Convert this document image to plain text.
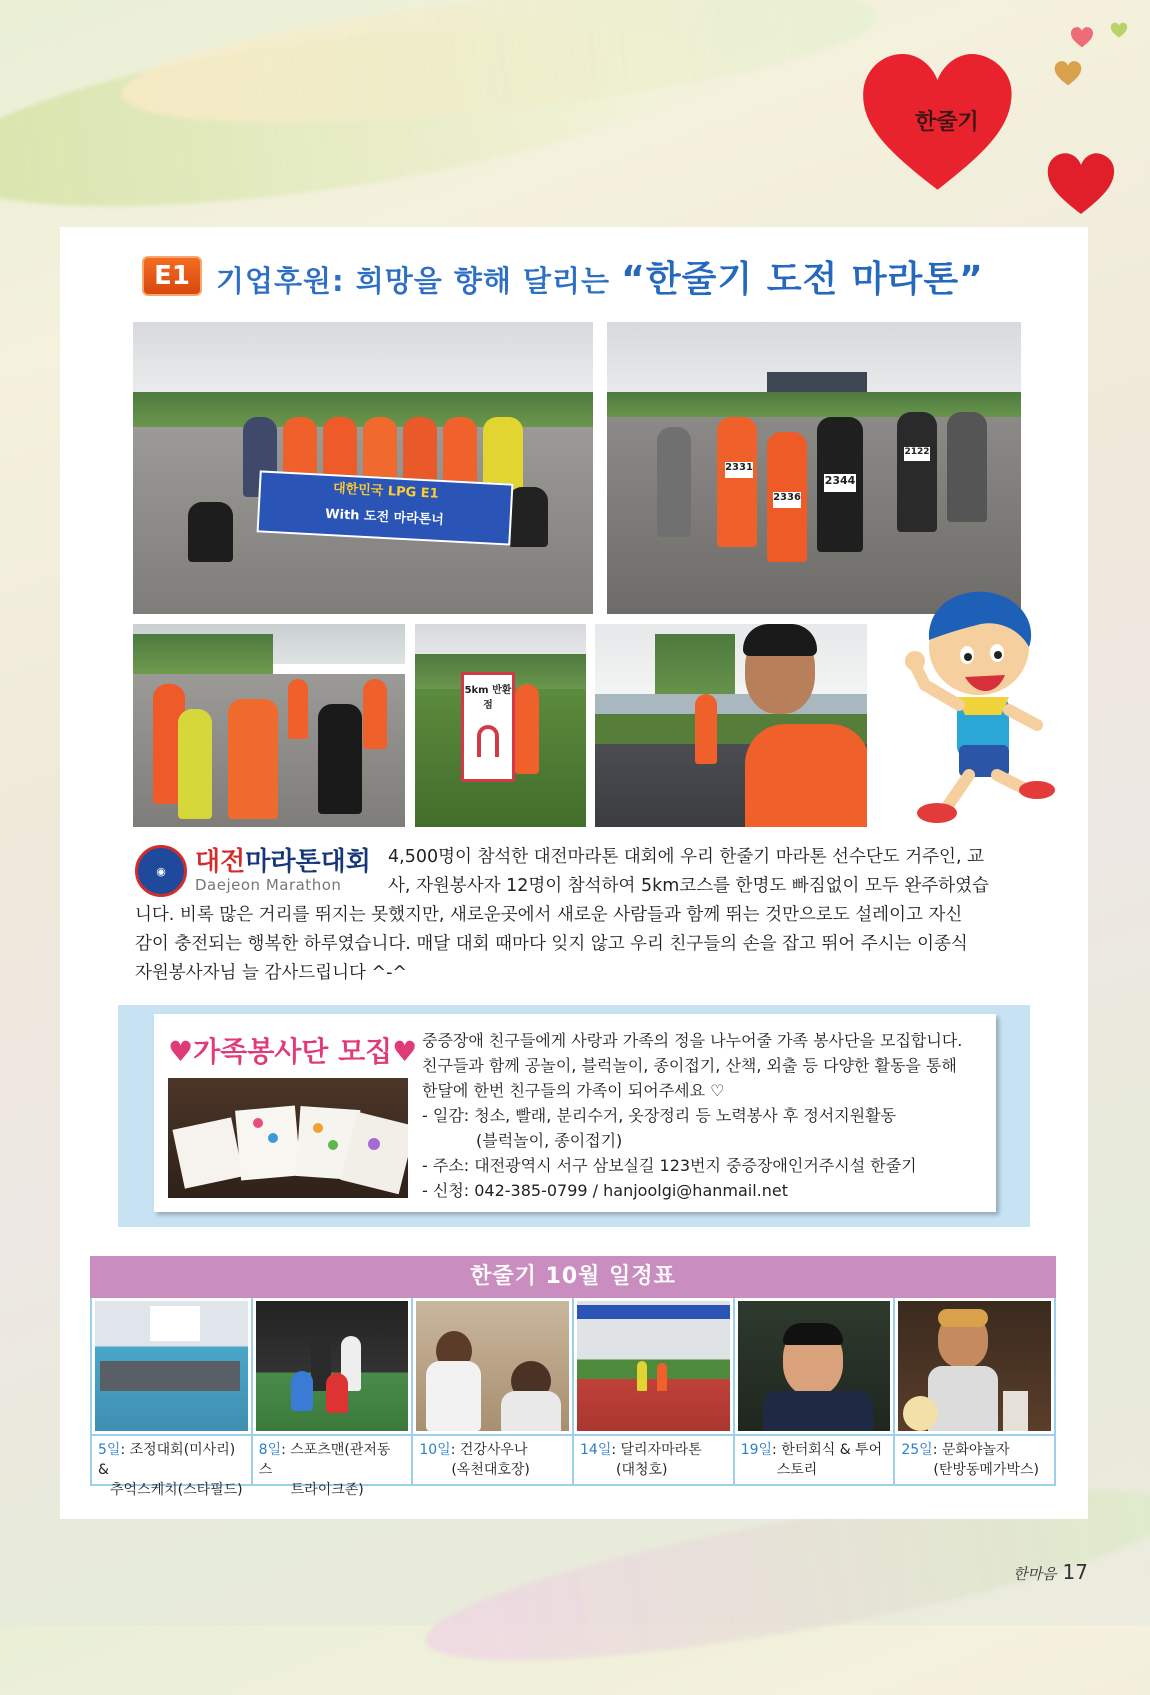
한줄기
E1 기업후원: 희망을 향해 달리는 “한줄기 도전 마라톤”
대한민국 LPG E1
With 도전 마라톤너
2331
2344
2336
2122
5km 반환점
◉	대전마라톤대회
Daejeon Marathon
4,500명이 참석한 대전마라톤 대회에 우리 한줄기 마라톤 선수단도 거주인, 교
사, 자원봉사자 12명이 참석하여 5km코스를 한명도 빠짐없이 모두 완주하였습
니다. 비록 많은 거리를 뛰지는 못했지만, 새로운곳에서 새로운 사람들과 함께 뛰는 것만으로도 설레이고 자신
감이 충전되는 행복한 하루였습니다. 매달 대회 때마다 잊지 않고 우리 친구들의 손을 잡고 뛰어 주시는 이종식
자원봉사자님 늘 감사드립니다 ^-^
♥가족봉사단 모집♥ 중증장애 친구들에게 사랑과 가족의 정을 나누어줄 가족 봉사단을 모집합니다.
친구들과 함께 공놀이, 블럭놀이, 종이접기, 산책, 외출 등 다양한 활동을 통해
한달에 한번 친구들의 가족이 되어주세요 ♡
- 일감: 청소, 빨래, 분리수거, 옷장정리 등 노력봉사 후 정서지원활동
(블럭놀이, 종이접기)
- 주소: 대전광역시 서구 삼보실길 123번지 중증장애인거주시설 한줄기
- 신청: 042-385-0799 / hanjoolgi@hanmail.net
한줄기 10월 일정표
5일: 조정대회(미사리) &
추억스케치(스타필드)
8일: 스포츠맨(관저동 스
트라이크존)
10일: 건강사우나
(옥천대호장)
14일: 달리자마라톤
(대청호)
19일: 한터회식 & 투어
스토리
25일: 문화야놀자
(탄방동메가박스)
한마음 17
